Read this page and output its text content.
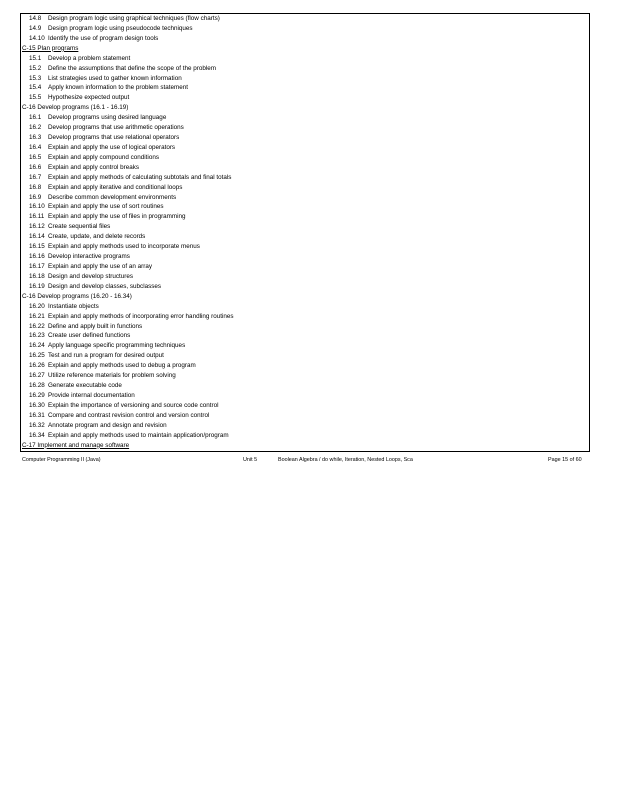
14.8 Design program logic using graphical techniques (flow charts)
14.9 Design program logic using pseudocode techniques
14.10 Identify the use of program design tools
C-15 Plan programs
15.1 Develop a problem statement
15.2 Define the assumptions that define the scope of the problem
15.3 List strategies used to gather known information
15.4 Apply known information to the problem statement
15.5 Hypothesize expected output
C-16 Develop programs (16.1 - 16.19)
16.1 Develop programs using desired language
16.2 Develop programs that use arithmetic operations
16.3 Develop programs that use relational operators
16.4 Explain and apply the use of logical operators
16.5 Explain and apply compound conditions
16.6 Explain and apply control breaks
16.7 Explain and apply methods of calculating subtotals and final totals
16.8 Explain and apply iterative and conditional loops
16.9 Describe common development environments
16.10 Explain and apply the use of sort routines
16.11 Explain and apply the use of files in programming
16.12 Create sequential files
16.14 Create, update, and delete records
16.15 Explain and apply methods used to incorporate menus
16.16 Develop interactive programs
16.17 Explain and apply the use of an array
16.18 Design and develop structures
16.19 Design and develop classes, subclasses
C-16 Develop programs (16.20 - 16.34)
16.20 Instantiate objects
16.21 Explain and apply methods of incorporating error handling routines
16.22 Define and apply built in functions
16.23 Create user defined functions
16.24 Apply language specific programming techniques
16.25 Test and run a program for desired output
16.26 Explain and apply methods used to debug a program
16.27 Utilize reference materials for problem solving
16.28 Generate executable code
16.29 Provide internal documentation
16.30 Explain the importance of versioning and source code control
16.31 Compare and contrast revision control and version control
16.32 Annotate program and design and revision
16.34 Explain and apply methods used to maintain application/program
C-17 Implement and manage software
Computer Programming II (Java)	Unit 5	Boolean Algebra / do while, Iteration, Nested Loops, Sca	Page 15 of 60
